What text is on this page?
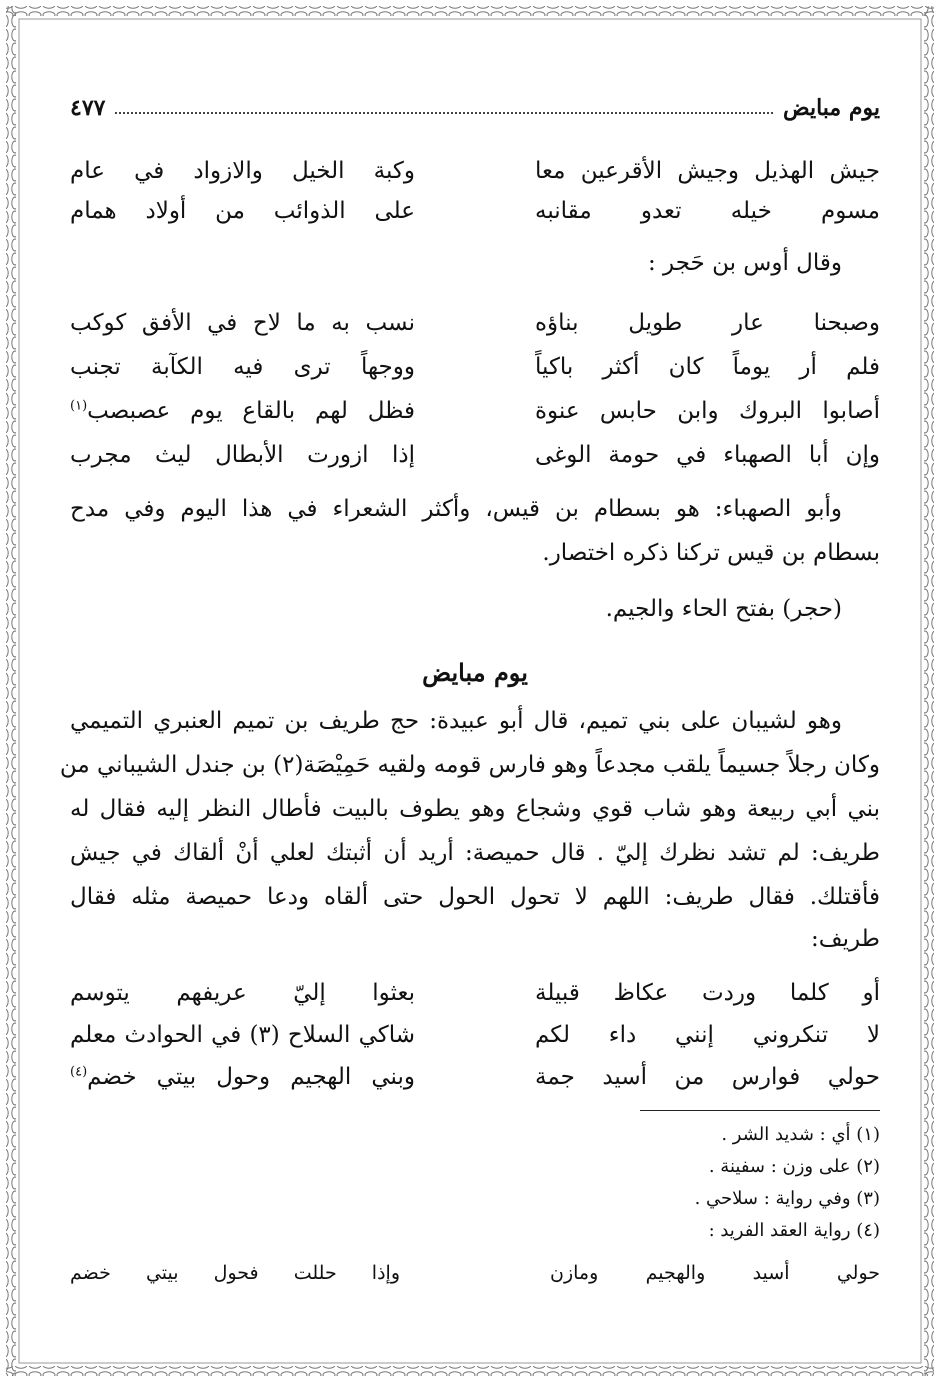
يوم مبايض
٤٧٧
جيش الهذيل وجيش الأقرعين معا
وكبة الخيل والازواد في عام
مسوم خيله تعدو مقانبه
على الذوائب من أولاد همام
وقال أوس بن حَجر :
وصبحنا عار طويل بناؤه
نسب به ما لاح في الأفق كوكب
فلم أر يوماً كان أكثر باكياً
ووجهاً ترى فيه الكآبة تجنب
أصابوا البروك وابن حابس عنوة
فظل لهم بالقاع يوم عصبصب$^{(١)}$
وإن أبا الصهباء في حومة الوغى
إذا ازورت الأبطال ليث مجرب
وأبو الصهباء: هو بسطام بن قيس، وأكثر الشعراء في هذا اليوم وفي مدح
بسطام بن قيس تركنا ذكره اختصار.
(حجر) بفتح الحاء والجيم.
يوم مبايض
وهو لشيبان على بني تميم، قال أبو عبيدة: حج طريف بن تميم العنبري التميمي
وكان رجلاً جسيماً يلقب مجدعاً وهو فارس قومه ولقيه حَمِيْصَة(٢) بن جندل الشيباني من
بني أبي ربيعة وهو شاب قوي وشجاع وهو يطوف بالبيت فأطال النظر إليه فقال له
طريف: لم تشد نظرك إليّ . قال حميصة: أريد أن أثبتك لعلي أنْ ألقاك في جيش
فأقتلك. فقال طريف: اللهم لا تحول الحول حتى ألقاه ودعا حميصة مثله فقال
طريف:
أو كلما وردت عكاظ قبيلة
بعثوا إليّ عريفهم يتوسم
لا تنكروني إنني داء لكم
شاكي السلاح (٣) في الحوادث معلم
حولي فوارس من أسيد جمة
وبني الهجيم وحول بيتي خضم$^{(٤)}$
(١) أي : شديد الشر .
(٢) على وزن : سفينة .
(٣) وفي رواية : سلاحي .
(٤) رواية العقد الفريد :
حولي أسيد والهجيم ومازن
وإذا حللت فحول بيتي خضم
